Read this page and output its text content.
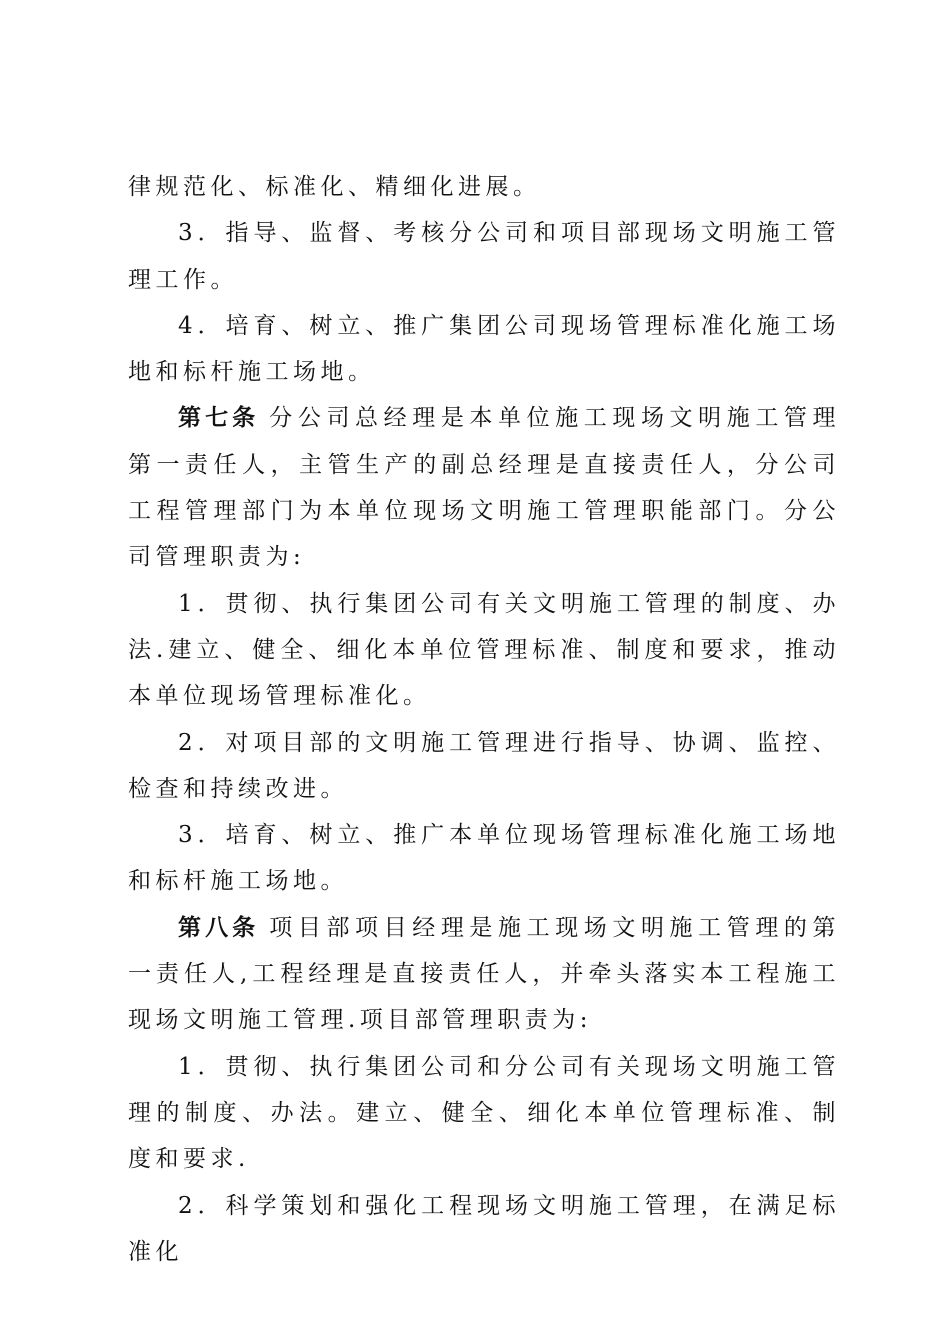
律规范化、标准化、精细化进展。

3．指导、监督、考核分公司和项目部现场文明施工管理工作。

4．培育、树立、推广集团公司现场管理标准化施工场地和标杆施工场地。

第七条 分公司总经理是本单位施工现场文明施工管理第一责任人，主管生产的副总经理是直接责任人，分公司工程管理部门为本单位现场文明施工管理职能部门。分公司管理职责为:

1．贯彻、执行集团公司有关文明施工管理的制度、办法.建立、健全、细化本单位管理标准、制度和要求，推动本单位现场管理标准化。

2．对项目部的文明施工管理进行指导、协调、监控、检查和持续改进。

3．培育、树立、推广本单位现场管理标准化施工场地和标杆施工场地。

第八条 项目部项目经理是施工现场文明施工管理的第一责任人,工程经理是直接责任人，并牵头落实本工程施工现场文明施工管理.项目部管理职责为:

1．贯彻、执行集团公司和分公司有关现场文明施工管理的制度、办法。建立、健全、细化本单位管理标准、制度和要求.

2．科学策划和强化工程现场文明施工管理，在满足标准化
